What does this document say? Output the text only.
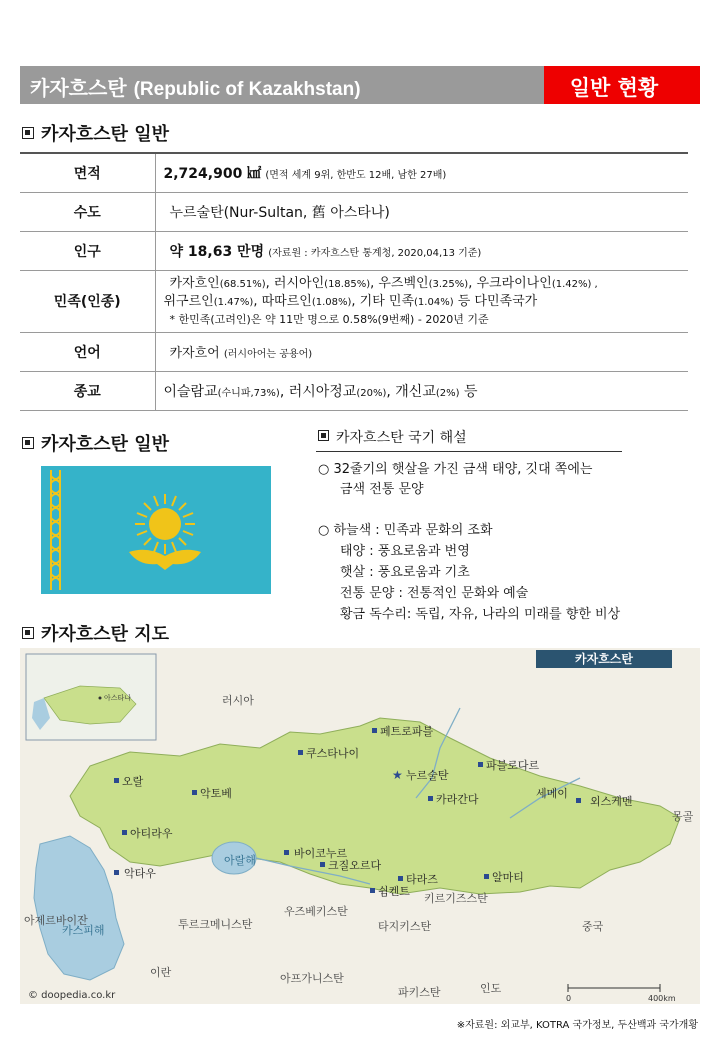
카자흐스탄 (Republic of Kazakhstan)	일반 현황
카자흐스탄 일반
면적	2,724,900 ㎢ (면적 세계 9위, 한반도 12배, 남한 27배)
수도	누르술탄(Nur-Sultan, 舊 아스타나)
인구	약 18,63 만명 (자료원 : 카자흐스탄 통계청, 2020,04,13 기준)
민족(인종)	카자흐인(68.51%), 러시아인(18.85%), 우즈벡인(3.25%), 우크라이나인(1.42%) ,
위구르인(1.47%), 따따르인(1.08%), 기타 민족(1.04%) 등 다민족국가
* 한민족(고려인)은 약 11만 명으로 0.58%(9번째) - 2020년 기준

언어	카자흐어 (러시아어는 공용어)
종교	이슬람교(수니파,73%), 러시아정교(20%), 개신교(2%) 등
카자흐스탄 일반	카자흐스탄 국기 해설
○ 32줄기의 햇살을 가진 금색 태양, 깃대 쪽에는
금색 전통 문양
○ 하늘색 : 민족과 문화의 조화
태양 : 풍요로움과 번영
햇살 : 풍요로움과 기초
전통 문양 : 전통적인 문화와 예술
황금 독수리: 독립, 자유, 나라의 미래를 향한 비상
카자흐스탄 지도
카자흐스탄
아스타나	러시아
우즈베키스탄
투르크메니스탄
키르기즈스탄
타지키스탄
아프가니스탄
파키스탄
이란
인도
중국
몽골
아제르바이잔
카스피해
아랄해
페트로파블
쿠스타나이
파블로다르
★ 누르술탄
오랄
악토베	카라간다	세메이
외스케멘
아티라우
바이코누르
크질오르다
악타우	타라즈	알마티
쉼켄트
© doopedia.co.kr	0	400km
※자료원: 외교부, KOTRA 국가정보, 두산백과 국가개황
